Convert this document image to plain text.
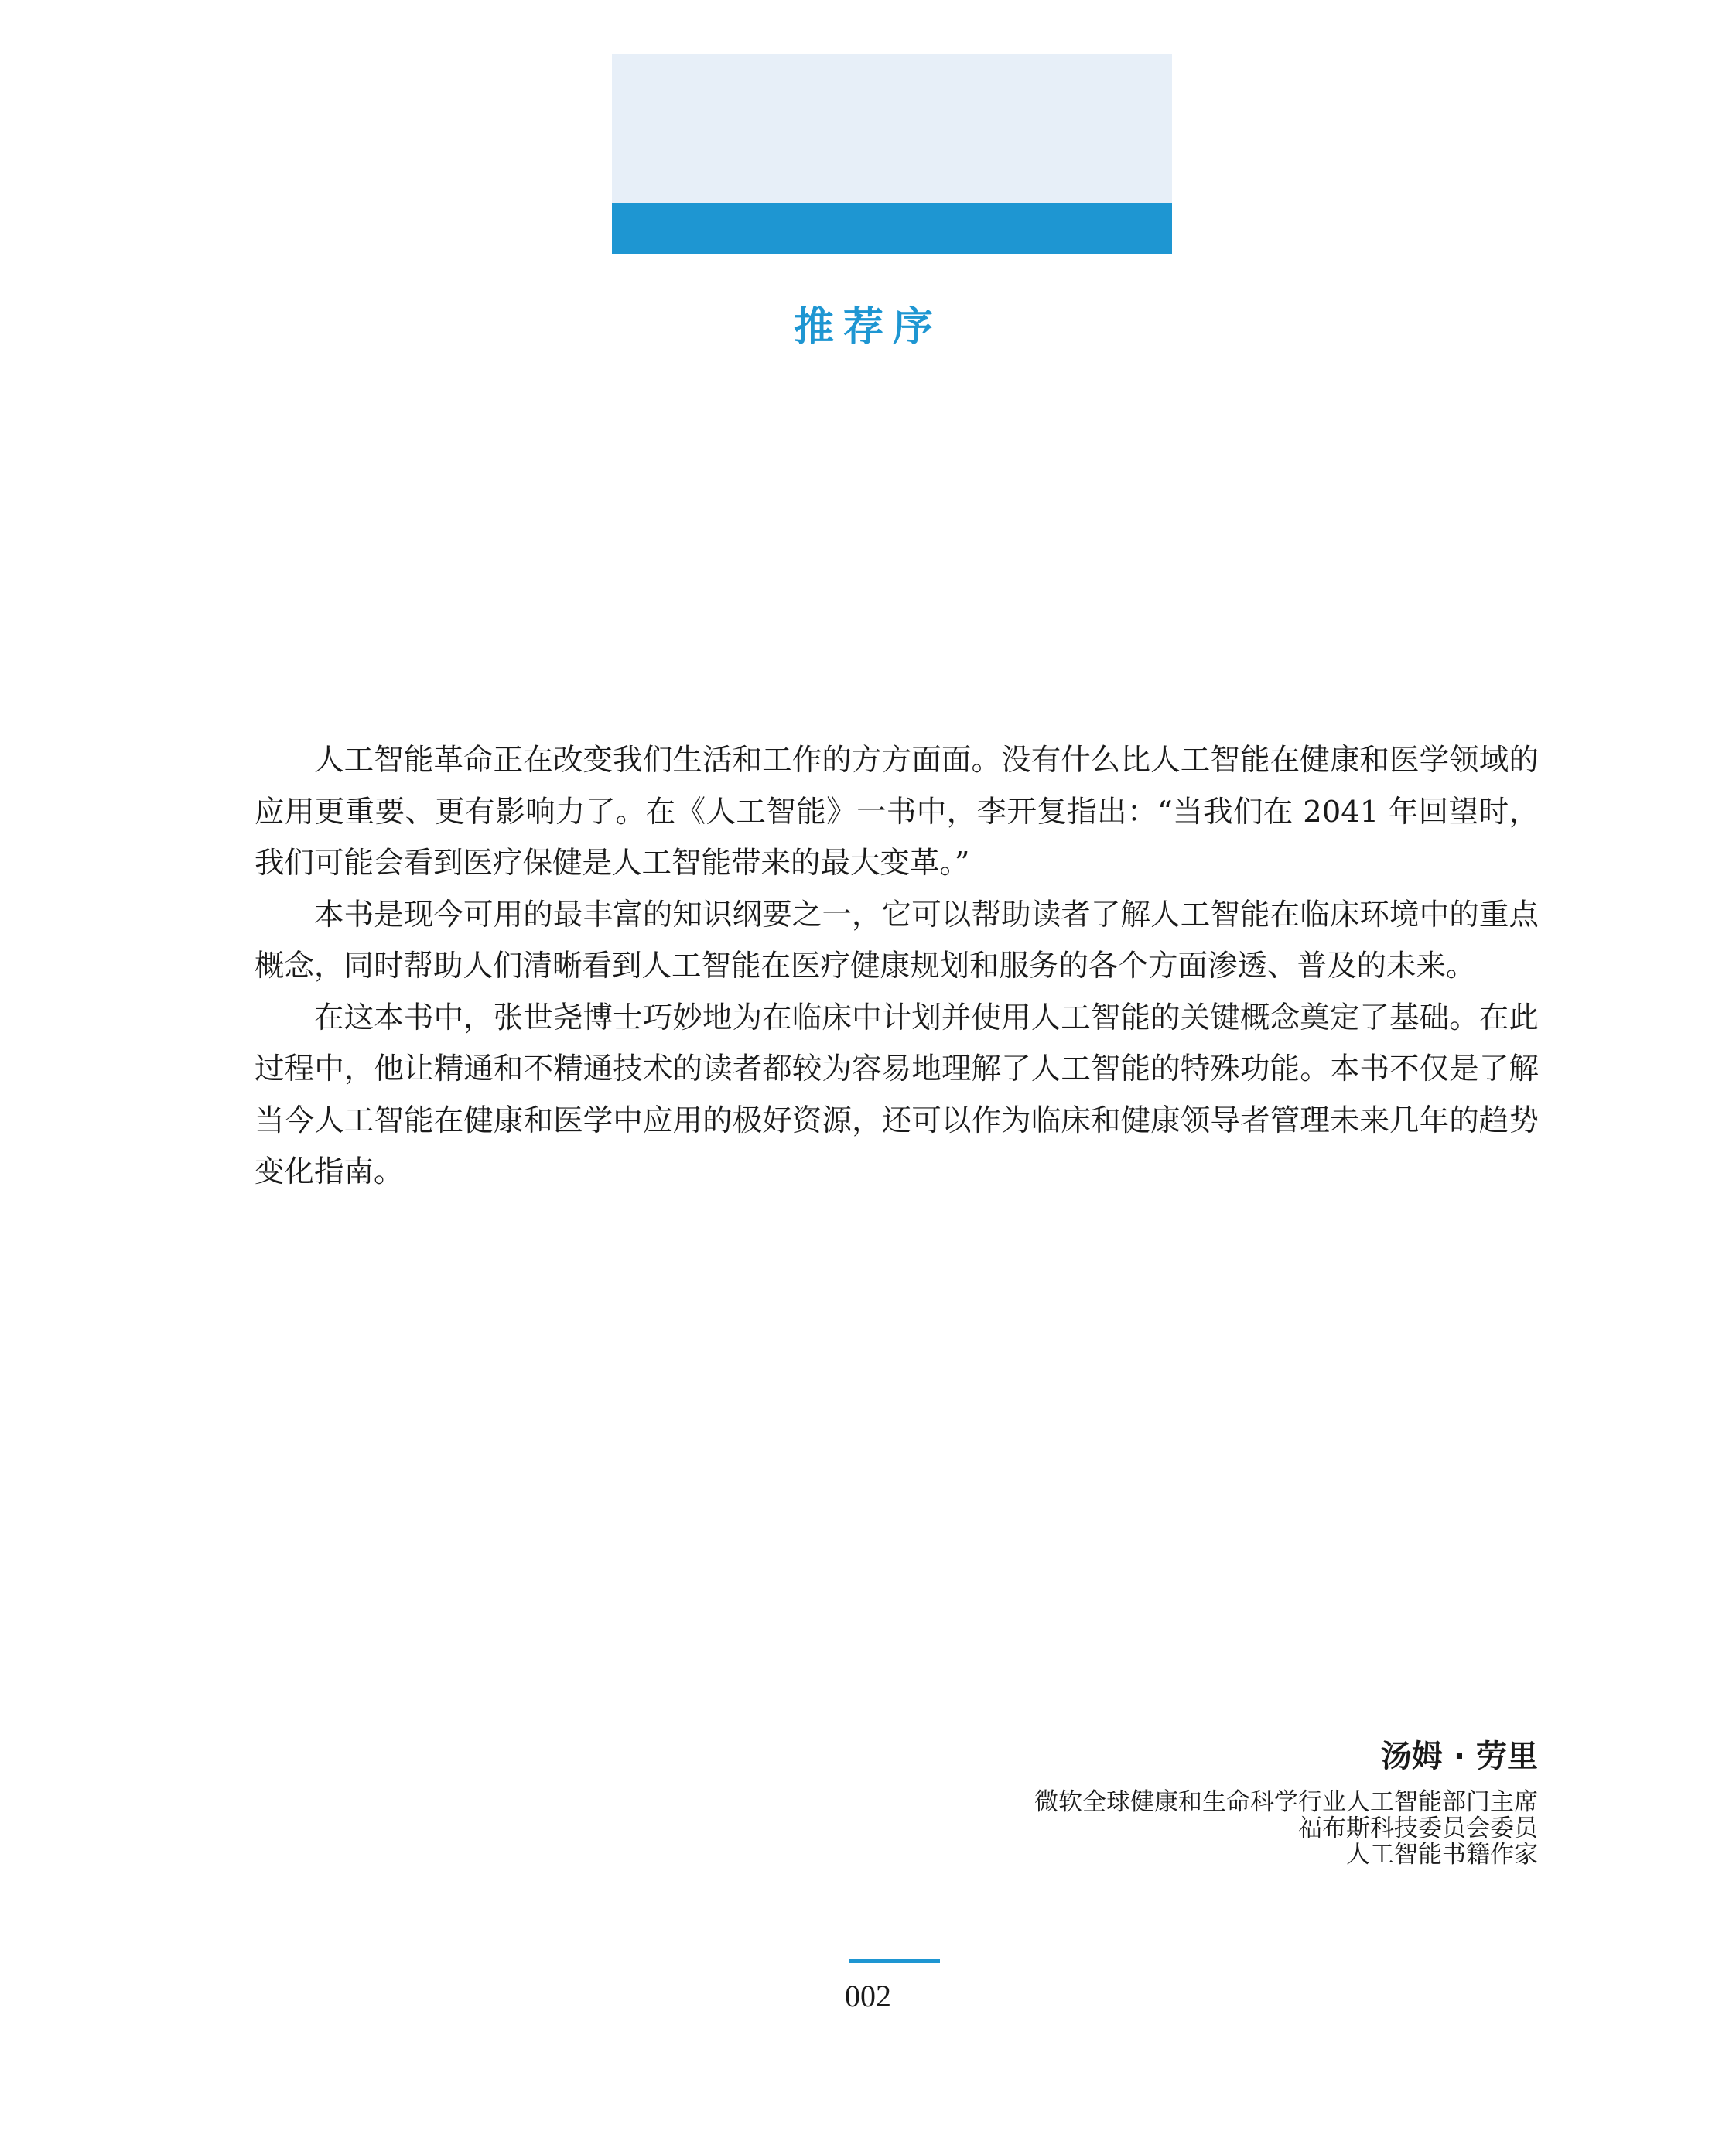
推荐序

人工智能革命正在改变我们生活和工作的方方面面。没有什么比人工智能在健康和医学领域的应用更重要、更有影响力了。在《人工智能》一书中，李开复指出：“当我们在 2041 年回望时，我们可能会看到医疗保健是人工智能带来的最大变革。”

本书是现今可用的最丰富的知识纲要之一，它可以帮助读者了解人工智能在临床环境中的重点概念，同时帮助人们清晰看到人工智能在医疗健康规划和服务的各个方面渗透、普及的未来。

在这本书中，张世尧博士巧妙地为在临床中计划并使用人工智能的关键概念奠定了基础。在此过程中，他让精通和不精通技术的读者都较为容易地理解了人工智能的特殊功能。本书不仅是了解当今人工智能在健康和医学中应用的极好资源，还可以作为临床和健康领导者管理未来几年的趋势变化指南。

汤姆 · 劳里
微软全球健康和生命科学行业人工智能部门主席
福布斯科技委员会委员
人工智能书籍作家
002
